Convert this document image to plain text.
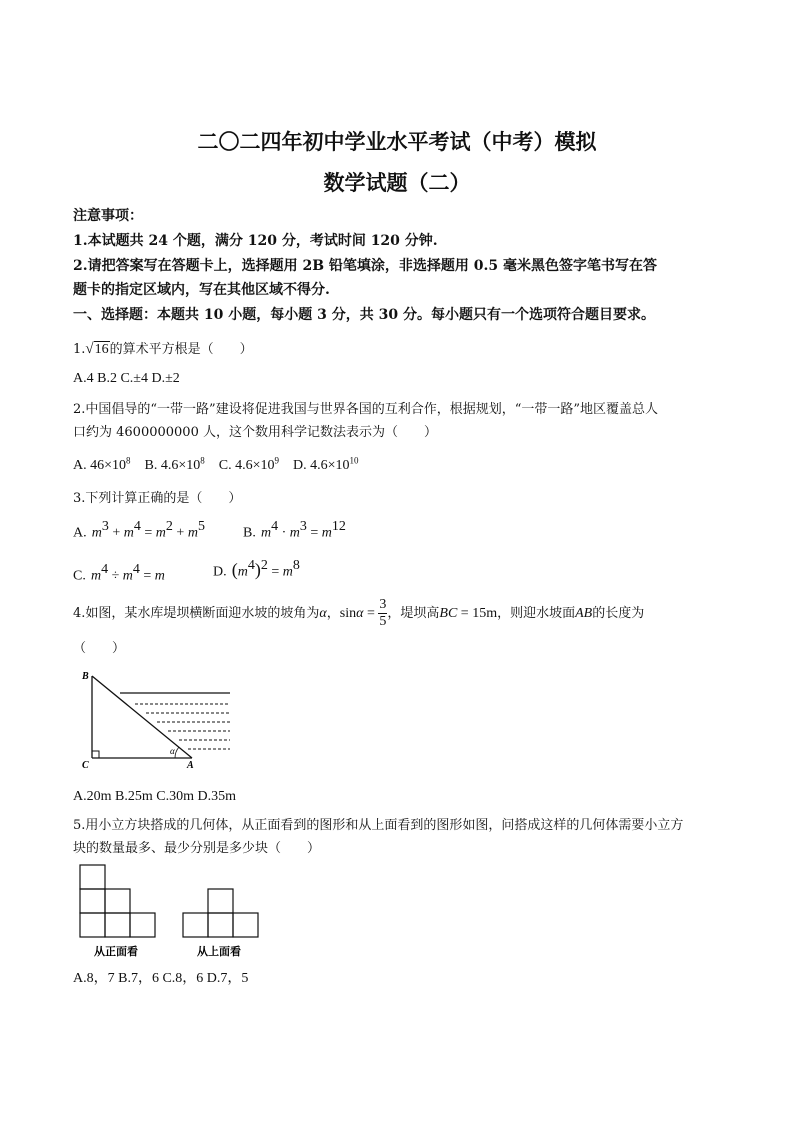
二〇二四年初中学业水平考试（中考）模拟
数学试题（二）
注意事项：
1.本试题共 24 个题，满分 120 分，考试时间 120 分钟.
2.请把答案写在答题卡上，选择题用 2B 铅笔填涂，非选择题用 0.5 毫米黑色签字笔书写在答
题卡的指定区域内，写在其他区域不得分.
一、选择题：本题共 10 小题，每小题 3 分，共 30 分。每小题只有一个选项符合题目要求。
1.√16的算术平方根是（　　）
A.4 B.2 C.±4 D.±2
2.中国倡导的“一带一路”建设将促进我国与世界各国的互利合作，根据规划，“一带一路”地区覆盖总人
口约为 4600000000 人，这个数用科学记数法表示为（　　）
A. $46\times 10^8$ B. $4.6\times 10^8$ C. $4.6\times 10^9$ D. $4.6\times 10^{10}$
3.下列计算正确的是（　　）
A. $m^3 + m^4 = m^2 + m^5$	B. $m^4 \cdot m^3 = m^{12}$
C. $m^4 \div m^4 = m$	D. $(m^4)^2 = m^8$
4.如图，某水库堤坝横断面迎水坡的坡角为α，$\sin\alpha = \frac{3}{5}$ ，堤坝高BC = 15m，则迎水坡面AB的长度为
（　　）
B
C	A
α
A.20m B.25m C.30m D.35m
5.用小立方块搭成的几何体，从正面看到的图形和从上面看到的图形如图，问搭成这样的几何体需要小立方
块的数量最多、最少分别是多少块（　　）
从正面看	从上面看
A.8，7 B.7，6 C.8，6 D.7，5
